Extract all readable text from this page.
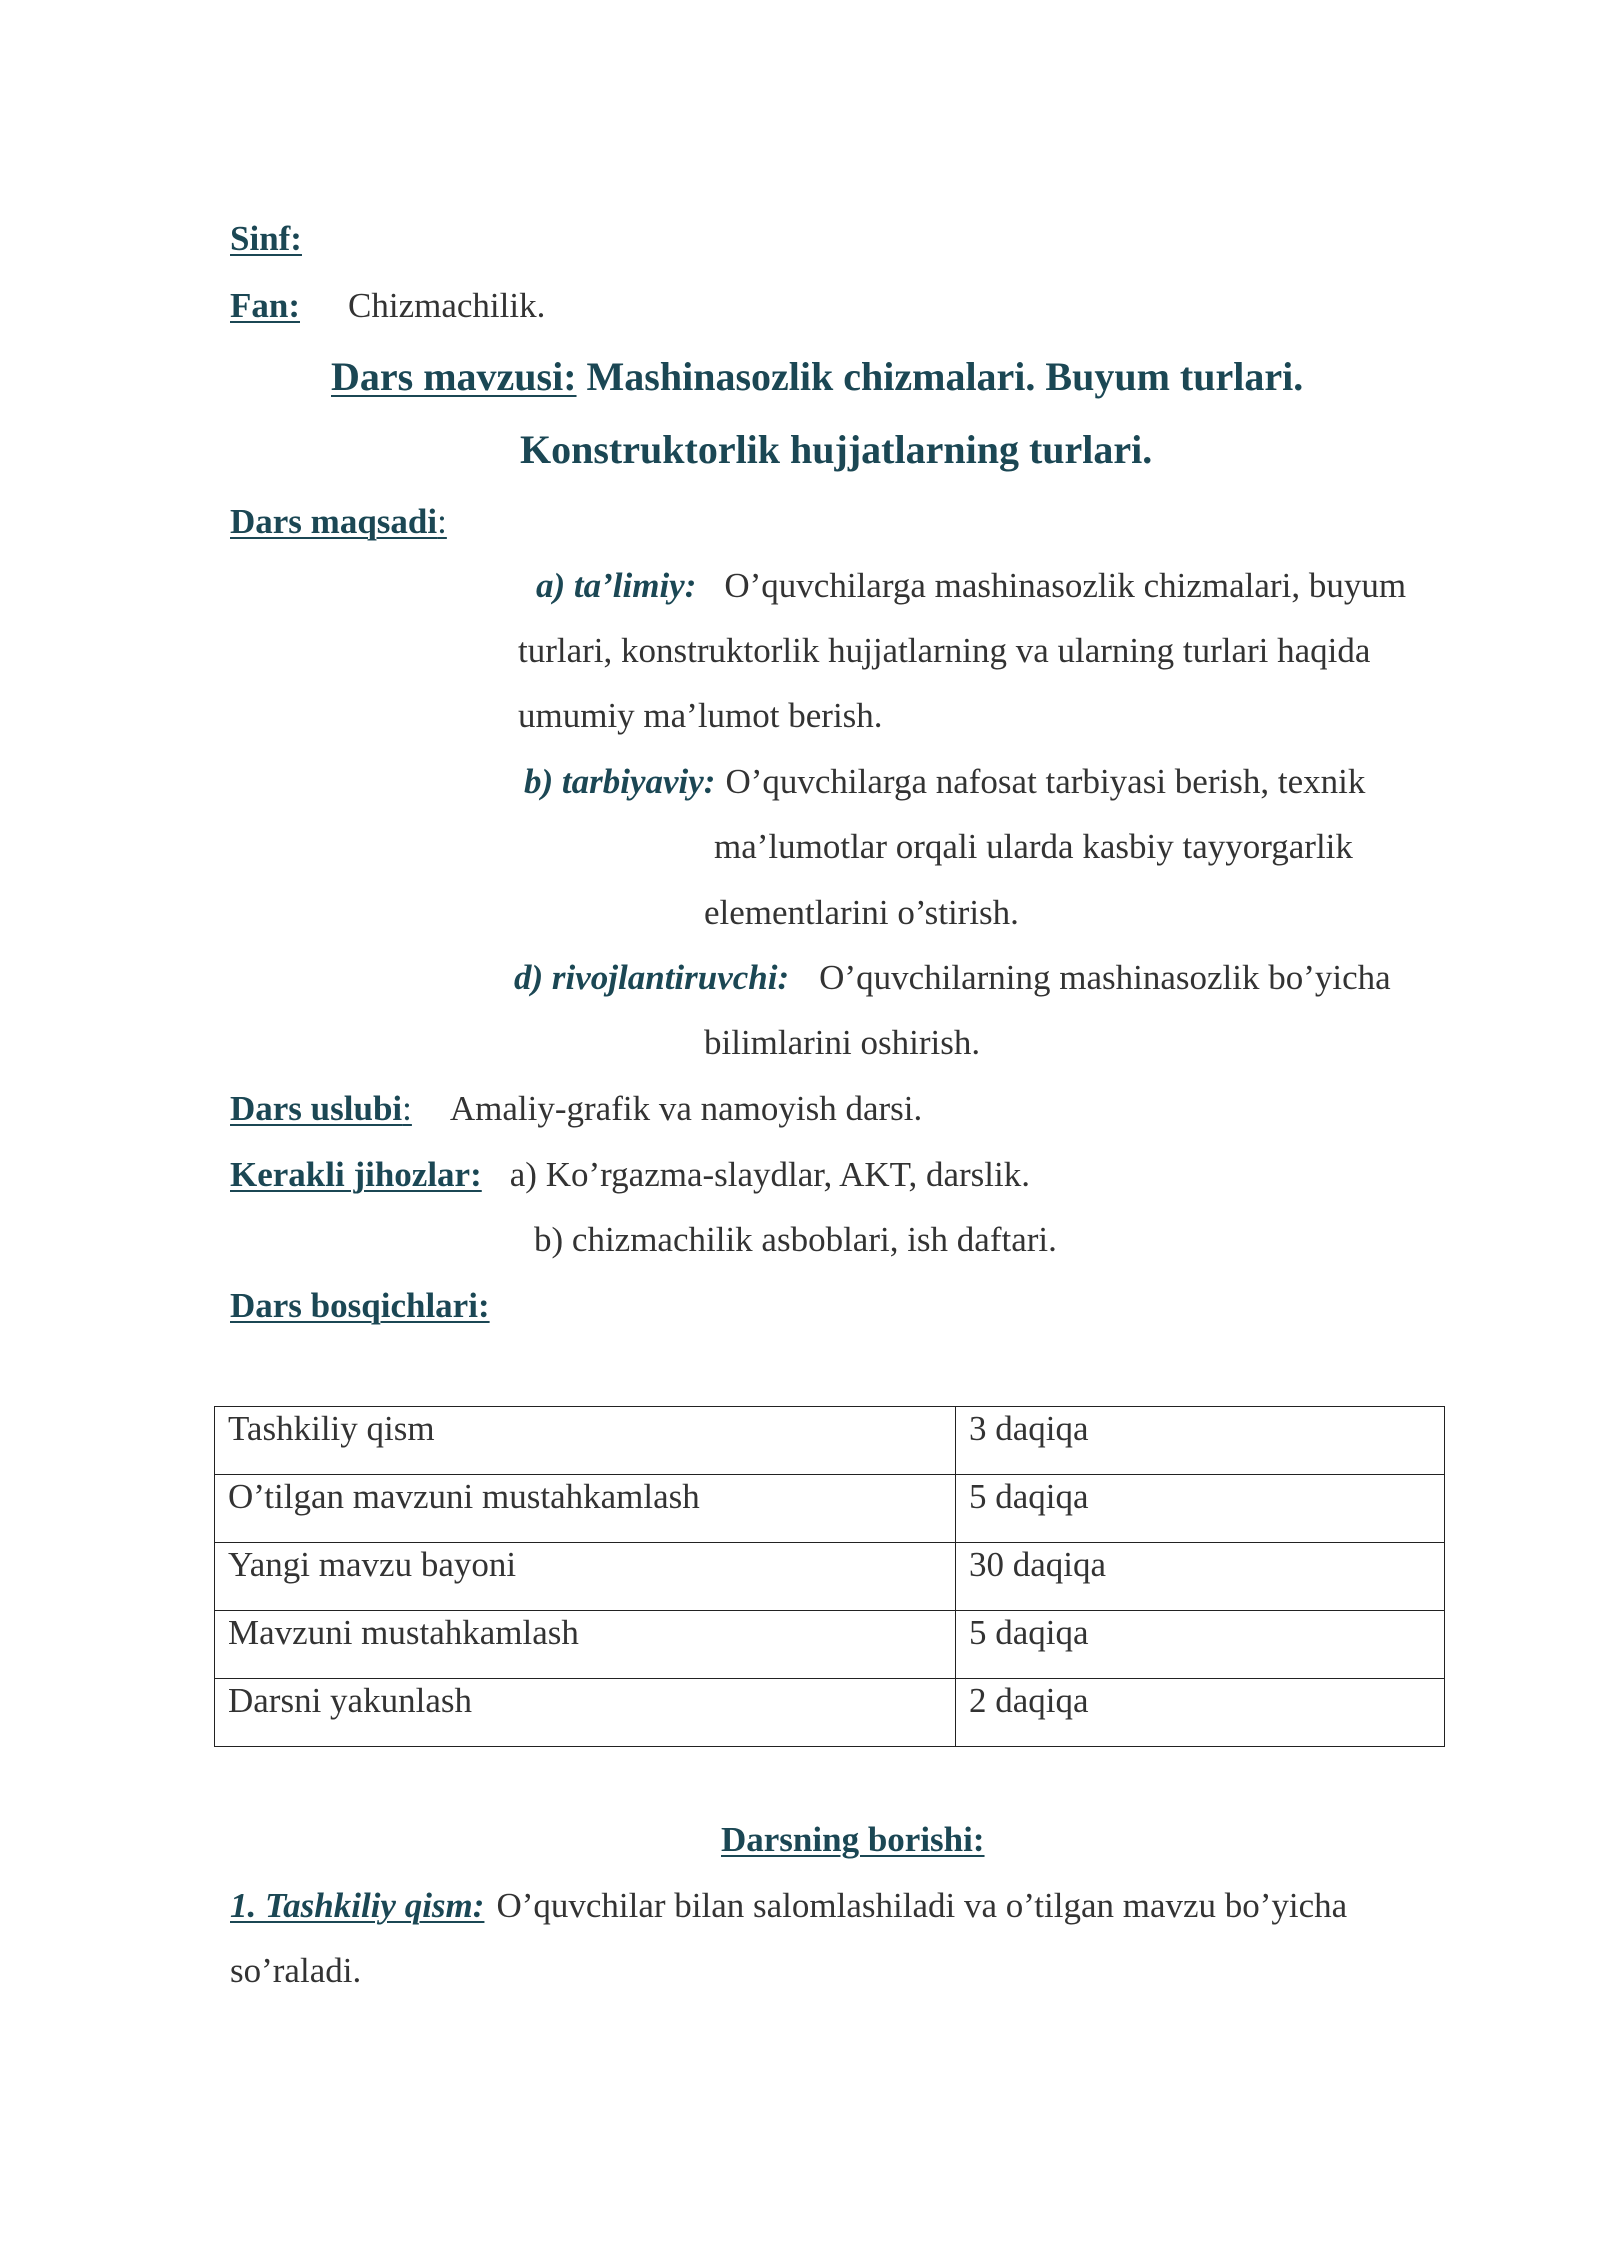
Sinf:
Fan: Chizmachilik.
Dars mavzusi: Mashinasozlik chizmalari. Buyum turlari.
Konstruktorlik hujjatlarning turlari.
Dars maqsadi:
a) ta’limiy: O’quvchilarga mashinasozlik chizmalari, buyum
turlari, konstruktorlik hujjatlarning va ularning turlari haqida
umumiy ma’lumot berish.
b) tarbiyaviy: O’quvchilarga nafosat tarbiyasi berish, texnik
ma’lumotlar orqali ularda kasbiy tayyorgarlik
elementlarini o’stirish.
d) rivojlantiruvchi: O’quvchilarning mashinasozlik bo’yicha
bilimlarini oshirish.
Dars uslubi: Amaliy-grafik va namoyish darsi.
Kerakli jihozlar: a) Ko’rgazma-slaydlar, AKT, darslik.
b) chizmachilik asboblari, ish daftari.
Dars bosqichlari:
Tashkiliy qism	3 daqiqa
O’tilgan mavzuni mustahkamlash	5 daqiqa
Yangi mavzu bayoni	30 daqiqa
Mavzuni mustahkamlash	5 daqiqa
Darsni yakunlash	2 daqiqa
Darsning borishi:
1. Tashkiliy qism: O’quvchilar bilan salomlashiladi va o’tilgan mavzu bo’yicha
so’raladi.
